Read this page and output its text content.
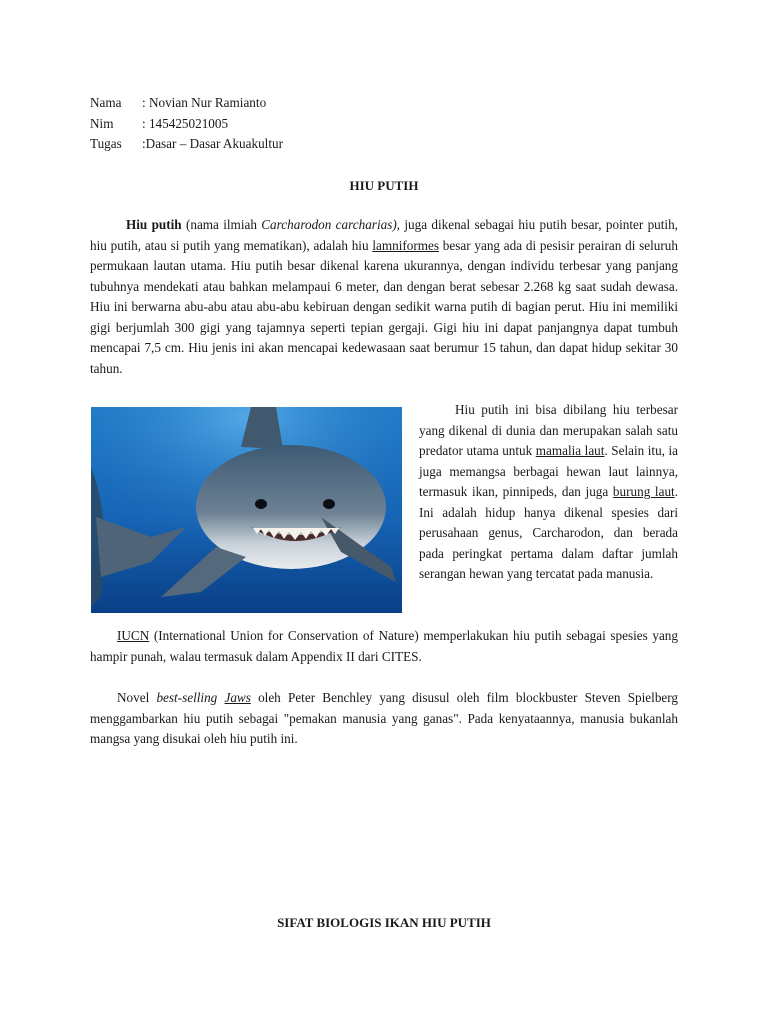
Nama	: Novian Nur Ramianto
Nim	: 145425021005
Tugas	:Dasar – Dasar Akuakultur
HIU PUTIH

Hiu putih (nama ilmiah Carcharodon carcharias), juga dikenal sebagai hiu putih besar, pointer putih, hiu putih, atau si putih yang mematikan), adalah hiu lamniformes besar yang ada di pesisir perairan di seluruh permukaan lautan utama. Hiu putih besar dikenal karena ukurannya, dengan individu terbesar yang panjang tubuhnya mendekati atau bahkan melampaui 6 meter, dan dengan berat sebesar 2.268 kg saat sudah dewasa. Hiu ini berwarna abu-abu atau abu-abu kebiruan dengan sedikit warna putih di bagian perut. Hiu ini memiliki gigi berjumlah 300 gigi yang tajamnya seperti tepian gergaji. Gigi hiu ini dapat panjangnya dapat tumbuh mencapai 7,5 cm. Hiu jenis ini akan mencapai kedewasaan saat berumur 15 tahun, dan dapat hidup sekitar 30 tahun.

Hiu putih ini bisa dibilang hiu terbesar yang dikenal di dunia dan merupakan salah satu predator utama untuk mamalia laut. Selain itu, ia juga memangsa berbagai hewan laut lainnya, termasuk ikan, pinnipeds, dan juga burung laut. Ini adalah hidup hanya dikenal spesies dari perusahaan genus, Carcharodon, dan berada pada peringkat pertama dalam daftar jumlah serangan hewan yang tercatat pada manusia.

IUCN (International Union for Conservation of Nature) memperlakukan hiu putih sebagai spesies yang hampir punah, walau termasuk dalam Appendix II dari CITES.

Novel best-selling Jaws oleh Peter Benchley yang disusul oleh film blockbuster Steven Spielberg menggambarkan hiu putih sebagai "pemakan manusia yang ganas". Pada kenyataannya, manusia bukanlah mangsa yang disukai oleh hiu putih ini.

SIFAT BIOLOGIS IKAN HIU PUTIH
